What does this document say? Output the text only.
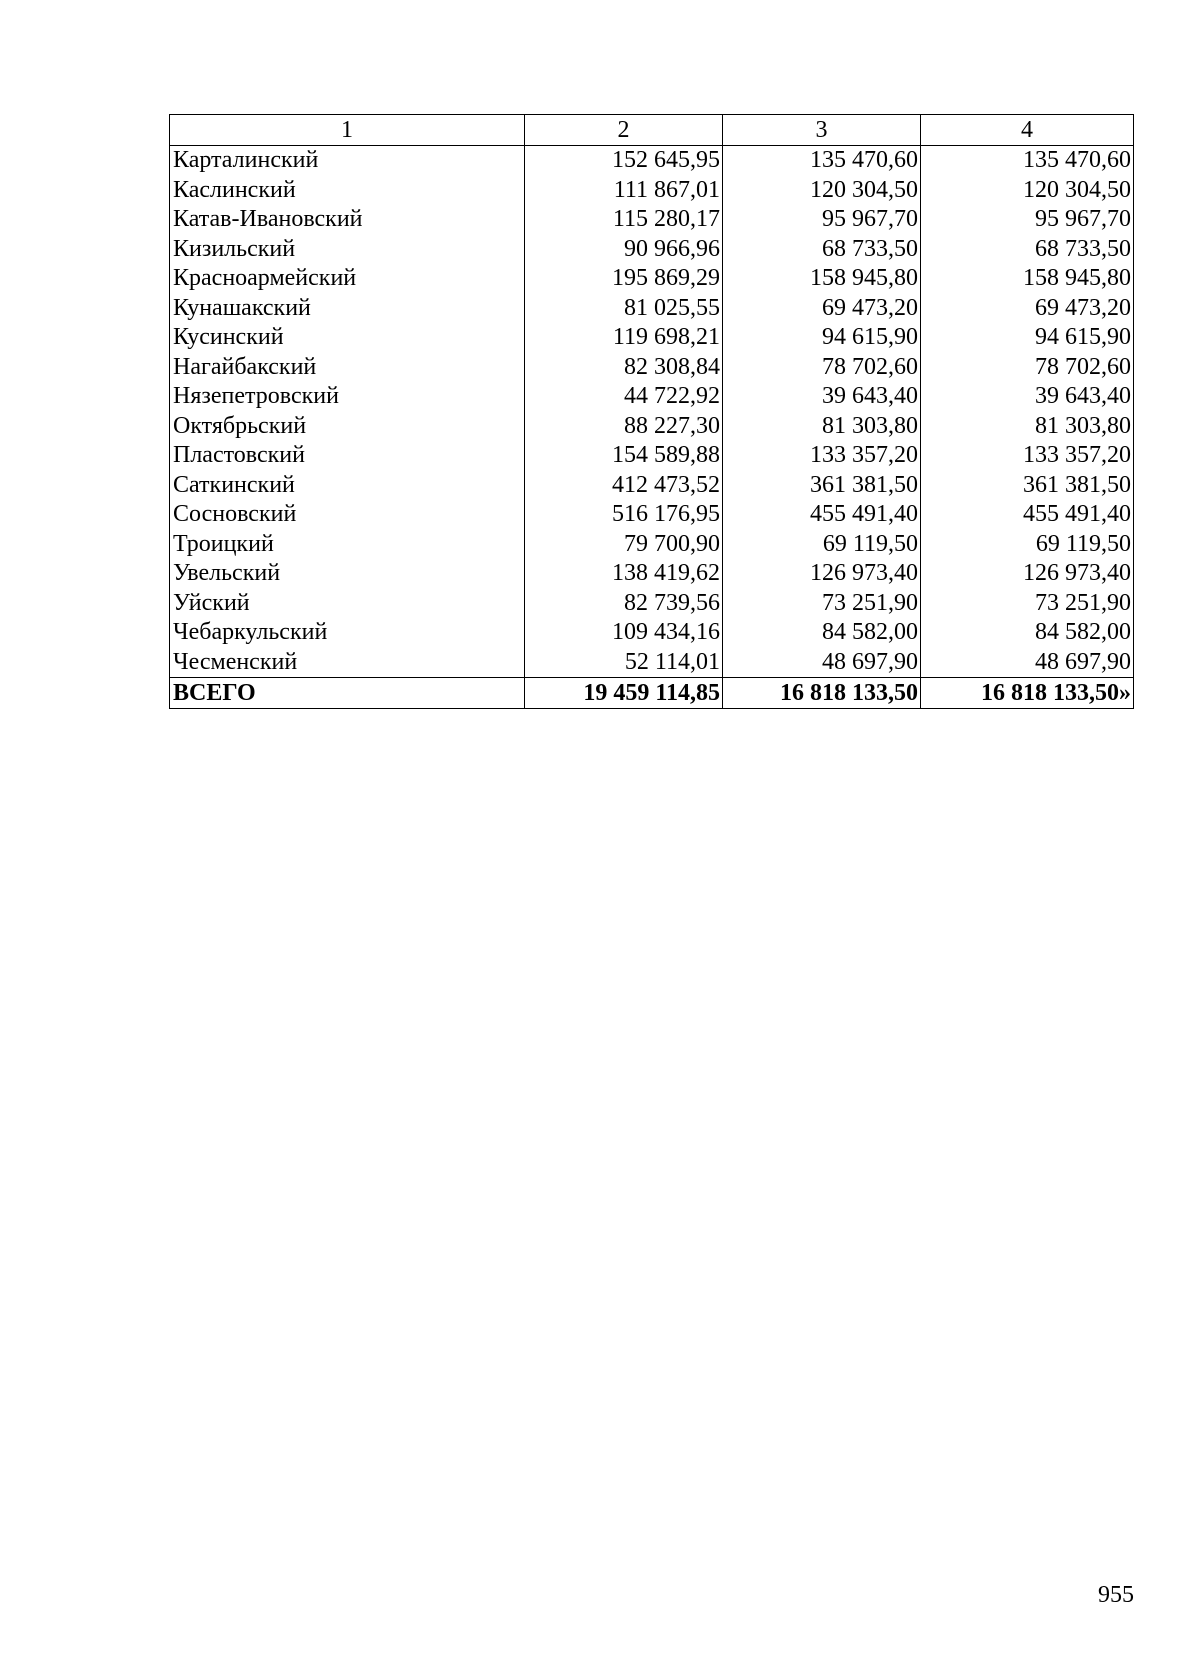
1	2	3	4
Карталинский	152 645,95	135 470,60	135 470,60
Каслинский	111 867,01	120 304,50	120 304,50
Катав-Ивановский	115 280,17	95 967,70	95 967,70
Кизильский	90 966,96	68 733,50	68 733,50
Красноармейский	195 869,29	158 945,80	158 945,80
Кунашакский	81 025,55	69 473,20	69 473,20
Кусинский	119 698,21	94 615,90	94 615,90
Нагайбакский	82 308,84	78 702,60	78 702,60
Нязепетровский	44 722,92	39 643,40	39 643,40
Октябрьский	88 227,30	81 303,80	81 303,80
Пластовский	154 589,88	133 357,20	133 357,20
Саткинский	412 473,52	361 381,50	361 381,50
Сосновский	516 176,95	455 491,40	455 491,40
Троицкий	79 700,90	69 119,50	69 119,50
Увельский	138 419,62	126 973,40	126 973,40
Уйский	82 739,56	73 251,90	73 251,90
Чебаркульский	109 434,16	84 582,00	84 582,00
Чесменский	52 114,01	48 697,90	48 697,90
ВСЕГО	19 459 114,85	16 818 133,50	16 818 133,50»
955
